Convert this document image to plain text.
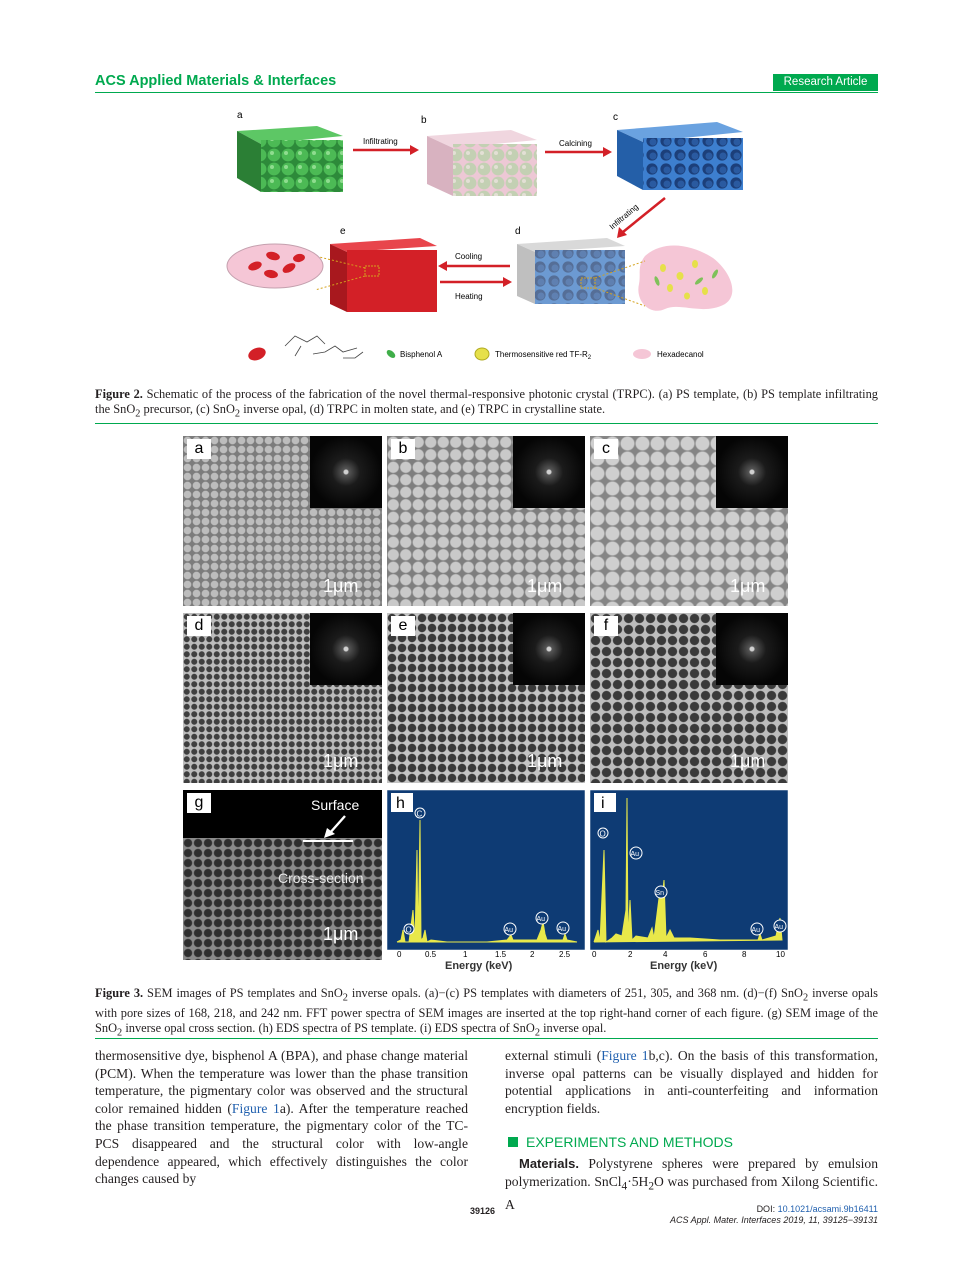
ACS Applied Materials & Interfaces	Research Article
a	b	c
d
e
Infiltrating	Calcining
Infiltrating
Cooling
Heating
Bisphenol A	Thermosensitive red $TF-R_2$	Hexadecanol
Figure 2. Schematic of the process of the fabrication of the novel thermal-responsive photonic crystal (TRPC). (a) PS template, (b) PS template infiltrating the SnO$_2$ precursor, (c) SnO$_2$ inverse opal, (d) TRPC in molten state, and (e) TRPC in crystalline state.
a
1μm
b
1μm
c
1μm
d
1μm
e
1μm
f
1μm
g	Surface
Cross-section
1μm
h
C
O	Au
Au
Au
0	0.5	1	1.5	2	2.5
Energy (keV)
i
O
Au
Sn
Au Au
0	2	4	6	8	10
Energy (keV)
Figure 3. SEM images of PS templates and SnO$_2$ inverse opals. (a)−(c) PS templates with diameters of 251, 305, and 368 nm. (d)−(f) SnO$_2$ inverse opals with pore sizes of 168, 218, and 242 nm. FFT power spectra of SEM images are inserted at the top right-hand corner of each figure. (g) SEM image of the SnO$_2$ inverse opal cross section. (h) EDS spectra of PS template. (i) EDS spectra of SnO$_2$ inverse opal.
thermosensitive dye, bisphenol A (BPA), and phase change material (PCM). When the temperature was lower than the phase transition temperature, the pigmentary color was observed and the structural color remained hidden (Figure 1a). After the temperature reached the phase transition temperature, the pigmentary color of the TC-PCS disappeared and the structural color with low-angle dependence appeared, which effectively distinguishes the color changes caused by
external stimuli (Figure 1b,c). On the basis of this transformation, inverse opal patterns can be visually displayed and hidden for potential applications in anti-counterfeiting and information encryption fields.
EXPERIMENTS AND METHODS
Materials. Polystyrene spheres were prepared by emulsion polymerization. $SnCl_4\cdot 5H_2O$ was purchased from Xilong Scientific. A
39126	DOI: 10.1021/acsami.9b16411
ACS Appl. Mater. Interfaces 2019, 11, 39125−39131
